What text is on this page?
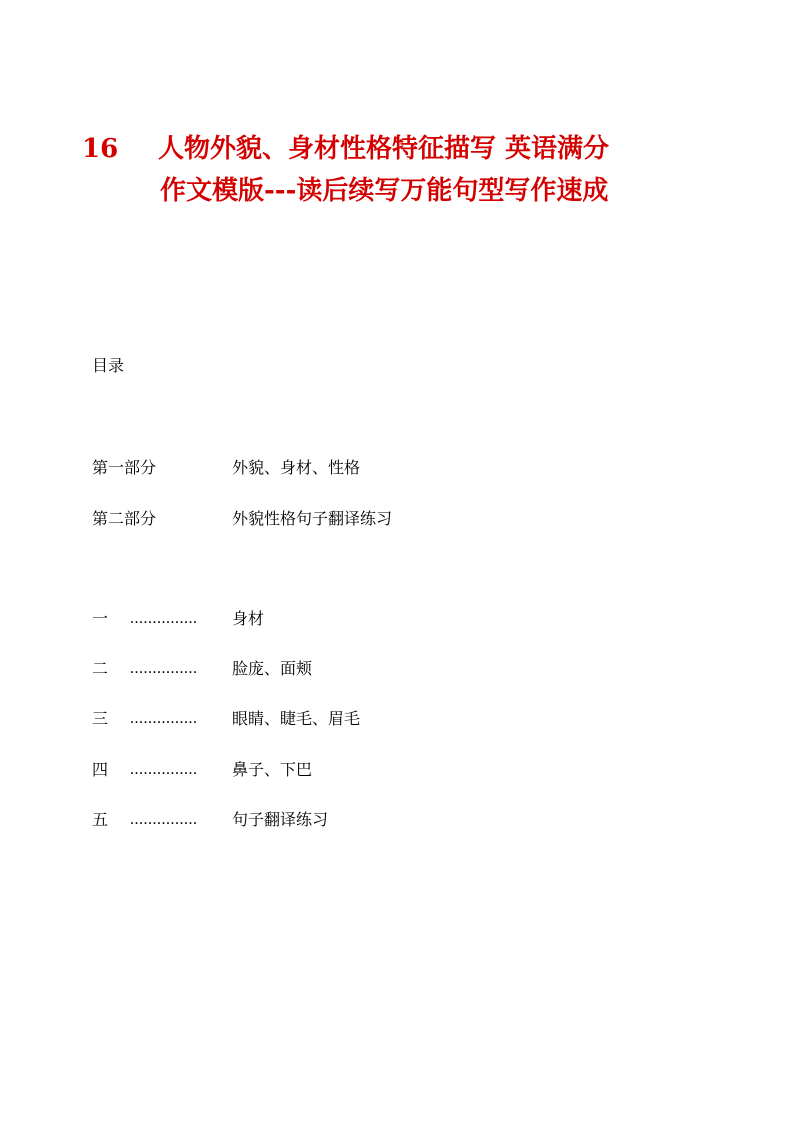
16 人物外貌、身材性格特征描写 英语满分
作文模版---读后续写万能句型写作速成
目录
第一部分	外貌、身材、性格
第二部分	外貌性格句子翻译练习
一 ............... 身材
二 ............... 脸庞、面颊
三 ............... 眼睛、睫毛、眉毛
四 ............... 鼻子、下巴
五 ............... 句子翻译练习
